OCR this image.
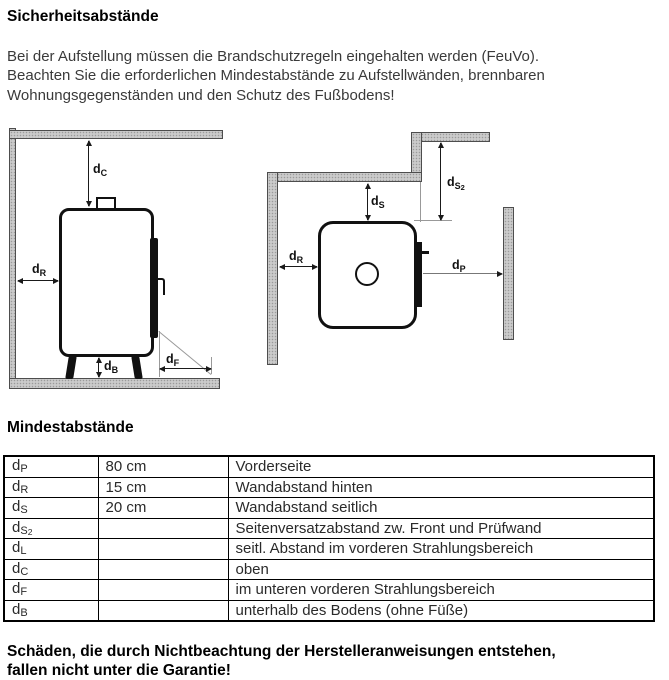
Sicherheitsabstände
Bei der Aufstellung müssen die Brandschutzregeln eingehalten werden (FeuVo).
Beachten Sie die erforderlichen Mindestabstände zu Aufstellwänden, brennbaren
Wohnungsgegenständen und den Schutz des Fußbodens!
$d_C$
$d_R$
$d_B$
$d_F$
$d_S$
$d_{S2}$
$d_R$	$d_P$
Mindestabstände
dP	80 cm	Vorderseite
dR	15 cm	Wandabstand hinten
dS	20 cm	Wandabstand seitlich
$dS_2$		Seitenversatzabstand zw. Front und Prüfwand
dL		seitl. Abstand im vorderen Strahlungsbereich
dC		oben
dF		im unteren vorderen Strahlungsbereich
dB		unterhalb des Bodens (ohne Füße)
Schäden, die durch Nichtbeachtung der Herstelleranweisungen entstehen,
fallen nicht unter die Garantie!
